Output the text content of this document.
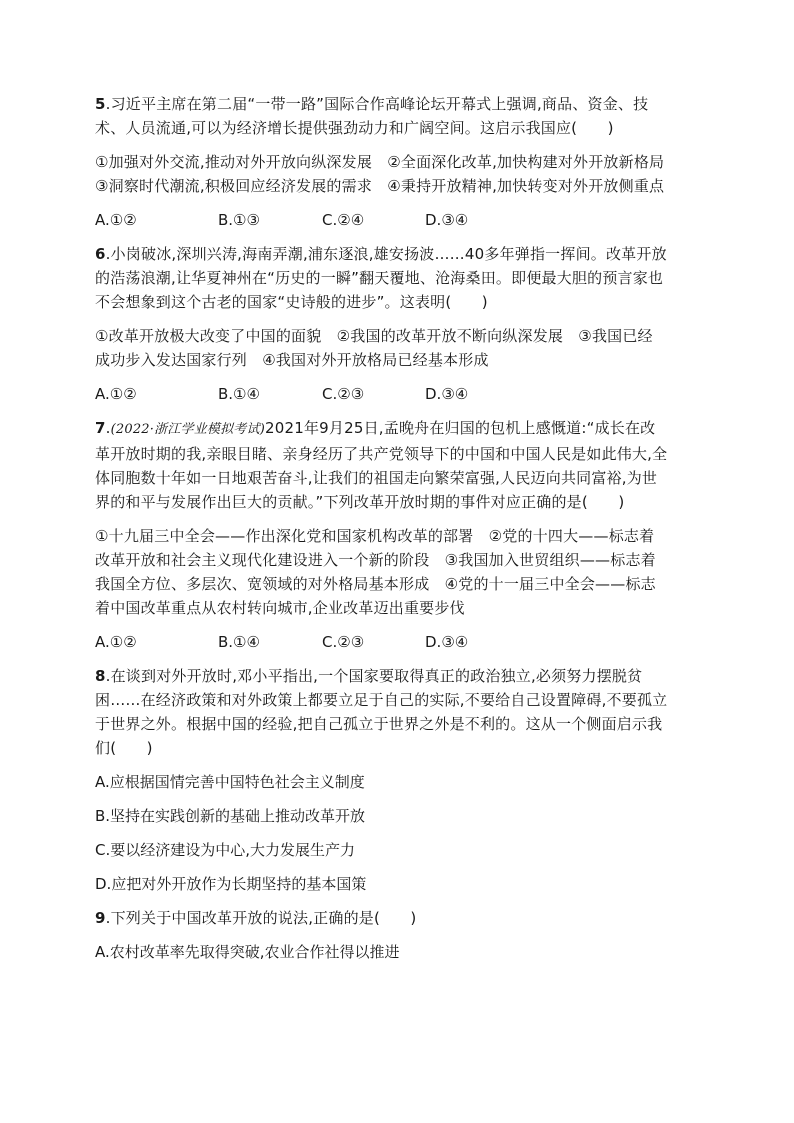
5.习近平主席在第二届“一带一路”国际合作高峰论坛开幕式上强调,商品、资金、技
术、人员流通,可以为经济增长提供强劲动力和广阔空间。这启示我国应(　　)
①加强对外交流,推动对外开放向纵深发展　②全面深化改革,加快构建对外开放新格局
③洞察时代潮流,积极回应经济发展的需求　④秉持开放精神,加快转变对外开放侧重点
A.①②	B.①③	C.②④	D.③④
6.小岗破冰,深圳兴涛,海南弄潮,浦东逐浪,雄安扬波……40多年弹指一挥间。改革开放
的浩荡浪潮,让华夏神州在“历史的一瞬”翻天覆地、沧海桑田。即便最大胆的预言家也
不会想象到这个古老的国家“史诗般的进步”。这表明(　　)
①改革开放极大改变了中国的面貌　②我国的改革开放不断向纵深发展　③我国已经
成功步入发达国家行列　④我国对外开放格局已经基本形成
A.①②	B.①④	C.②③	D.③④
7.(2022·浙江学业模拟考试)2021年9月25日,孟晚舟在归国的包机上感慨道:“成长在改
革开放时期的我,亲眼目睹、亲身经历了共产党领导下的中国和中国人民是如此伟大,全
体同胞数十年如一日地艰苦奋斗,让我们的祖国走向繁荣富强,人民迈向共同富裕,为世
界的和平与发展作出巨大的贡献。”下列改革开放时期的事件对应正确的是(　　)
①十九届三中全会——作出深化党和国家机构改革的部署　②党的十四大——标志着
改革开放和社会主义现代化建设进入一个新的阶段　③我国加入世贸组织——标志着
我国全方位、多层次、宽领域的对外格局基本形成　④党的十一届三中全会——标志
着中国改革重点从农村转向城市,企业改革迈出重要步伐
A.①②	B.①④	C.②③	D.③④
8.在谈到对外开放时,邓小平指出,一个国家要取得真正的政治独立,必须努力摆脱贫
困……在经济政策和对外政策上都要立足于自己的实际,不要给自己设置障碍,不要孤立
于世界之外。根据中国的经验,把自己孤立于世界之外是不利的。这从一个侧面启示我
们(　　)
A.应根据国情完善中国特色社会主义制度
B.坚持在实践创新的基础上推动改革开放
C.要以经济建设为中心,大力发展生产力
D.应把对外开放作为长期坚持的基本国策
9.下列关于中国改革开放的说法,正确的是(　　)
A.农村改革率先取得突破,农业合作社得以推进
